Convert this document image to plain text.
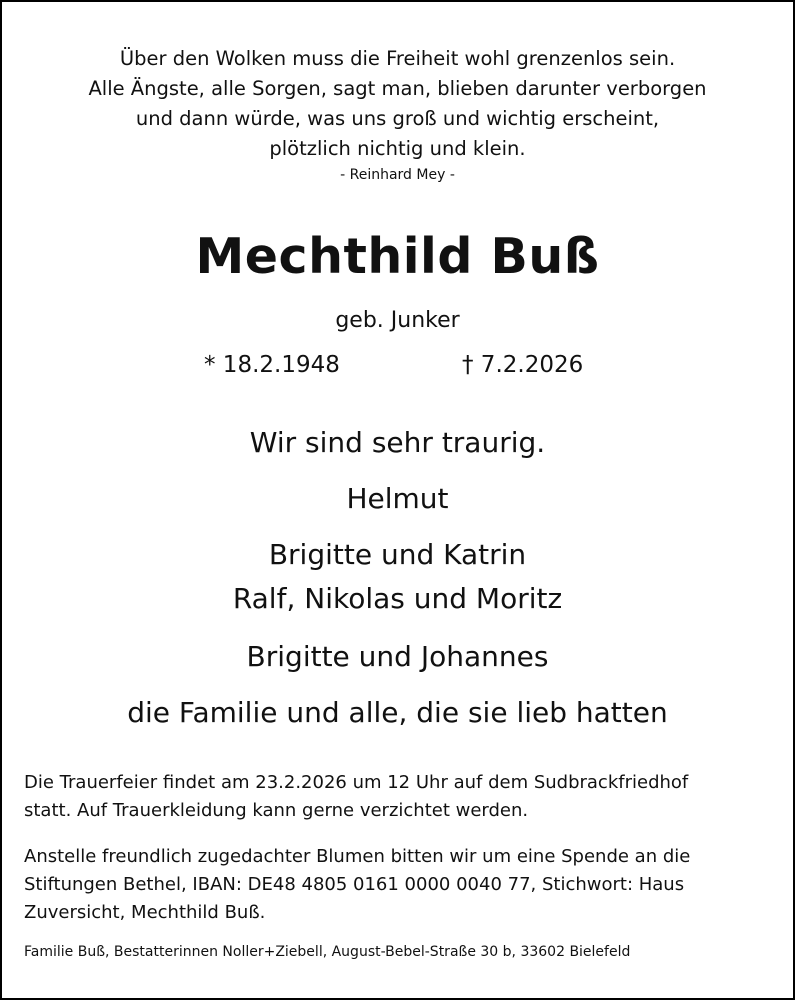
Über den Wolken muss die Freiheit wohl grenzenlos sein.
Alle Ängste, alle Sorgen, sagt man, blieben darunter verborgen
und dann würde, was uns groß und wichtig erscheint,
plötzlich nichtig und klein.
- Reinhard Mey -
Mechthild Buß
geb. Junker
* 18.2.1948	† 7.2.2026
Wir sind sehr traurig.
Helmut
Brigitte und Katrin
Ralf, Nikolas und Moritz
Brigitte und Johannes
die Familie und alle, die sie lieb hatten
Die Trauerfeier findet am 23.2.2026 um 12 Uhr auf dem Sudbrackfriedhof
statt. Auf Trauerkleidung kann gerne verzichtet werden.
Anstelle freundlich zugedachter Blumen bitten wir um eine Spende an die
Stiftungen Bethel, IBAN: DE48 4805 0161 0000 0040 77, Stichwort: Haus
Zuversicht, Mechthild Buß.
Familie Buß, Bestatterinnen Noller+Ziebell, August-Bebel-Straße 30 b, 33602 Bielefeld
